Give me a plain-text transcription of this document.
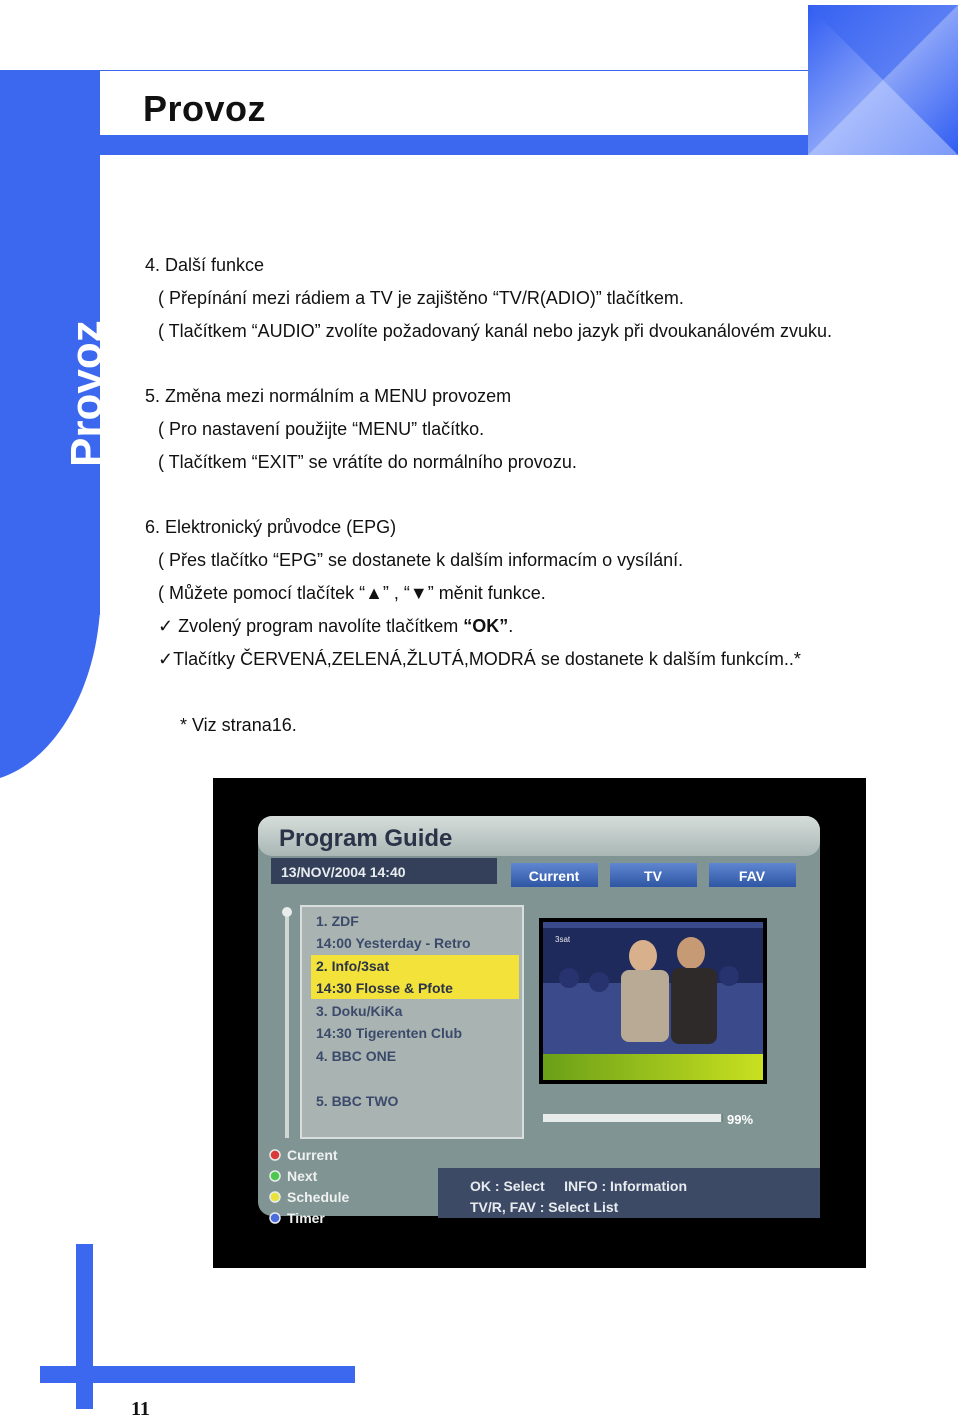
Provoz
Provoz
4. Další funkce
( Přepínání mezi rádiem a TV je zajištěno “TV/R(ADIO)” tlačítkem.
( Tlačítkem “AUDIO” zvolíte požadovaný kanál nebo jazyk při dvoukanálovém zvuku.
5. Změna mezi normálním a MENU provozem
( Pro nastavení použijte “MENU” tlačítko.
( Tlačítkem “EXIT” se vrátíte do normálního provozu.
6. Elektronický průvodce (EPG)
( Přes tlačítko “EPG” se dostanete k dalším informacím o vysílání.
( Můžete pomocí tlačítek “▲” , “▼” měnit funkce.
✓ Zvolený program navolíte tlačítkem “OK”.
✓Tlačítky ČERVENÁ,ZELENÁ,ŽLUTÁ,MODRÁ se dostanete k dalším funkcím..*
* Viz strana16.
Program Guide
13/NOV/2004 14:40	Current	TV	FAV
1. ZDF
14:00 Yesterday - Retro
2. Info/3sat
14:30 Flosse & Pfote
3. Doku/KiKa
14:30 Tigerenten Club
4. BBC ONE
5. BBC TWO
3sat
99%
Current
Next
Schedule
Timer
OK : Select     INFO : Information
TV/R, FAV : Select List
11
